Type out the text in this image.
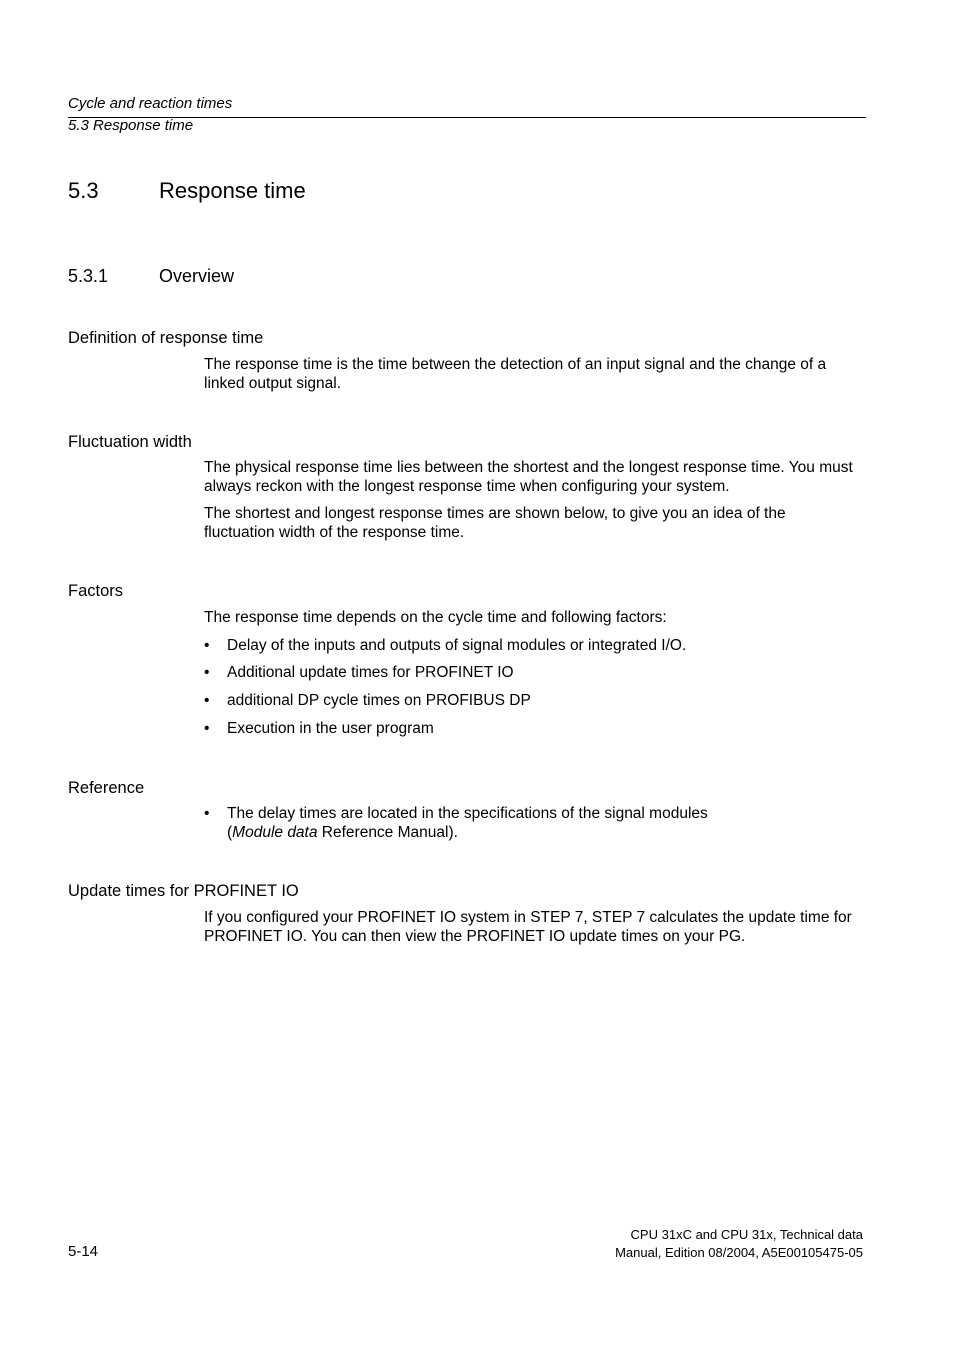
Cycle and reaction times
5.3 Response time
5.3	Response time
5.3.1	Overview
Definition of response time
The response time is the time between the detection of an input signal and the change of a linked output signal.
Fluctuation width
The physical response time lies between the shortest and the longest response time. You must always reckon with the longest response time when configuring your system.
The shortest and longest response times are shown below, to give you an idea of the fluctuation width of the response time.
Factors
The response time depends on the cycle time and following factors:
• Delay of the inputs and outputs of signal modules or integrated I/O.
• Additional update times for PROFINET IO
• additional DP cycle times on PROFIBUS DP
• Execution in the user program
Reference
• The delay times are located in the specifications of the signal modules
(Module data Reference Manual).
Update times for PROFINET IO
If you configured your PROFINET IO system in STEP 7, STEP 7 calculates the update time for PROFINET IO. You can then view the PROFINET IO update times on your PG.
5-14
CPU 31xC and CPU 31x, Technical data
Manual, Edition 08/2004, A5E00105475-05
